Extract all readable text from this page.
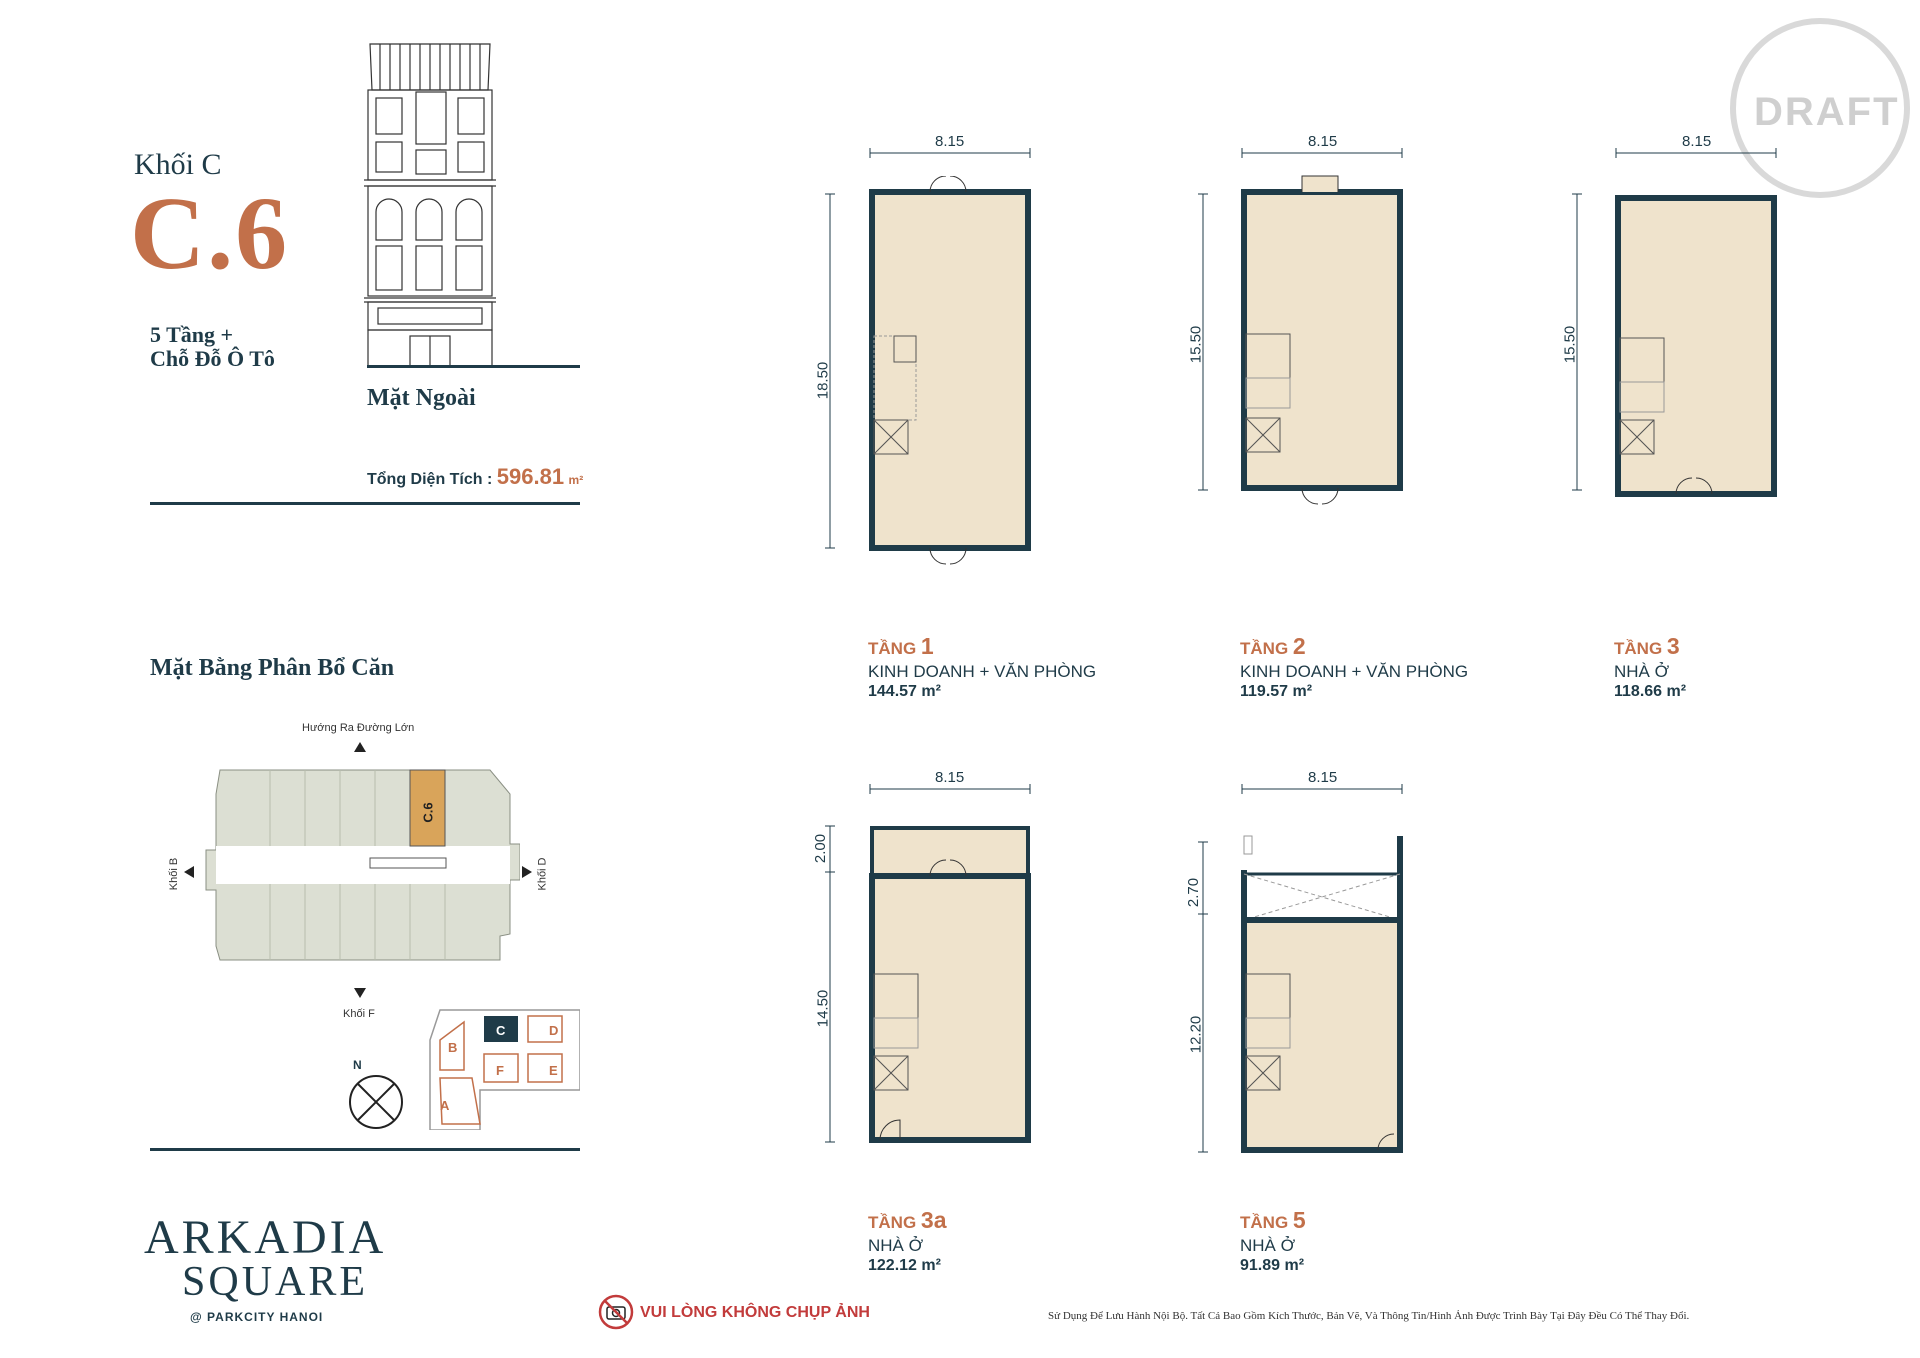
DRAFT
Khối C
C.6
5 Tầng +
Chỗ Đỗ Ô Tô
Mặt Ngoài
Tổng Diện Tích : 596.81 m²
Mặt Bằng Phân Bổ Căn
Hướng Ra Đường Lớn
C.6
Khối B	Khối D
Khối F
N
B
A
C	D
F	E
8.15
18.50
TẦNG 1
KINH DOANH + VĂN PHÒNG
144.57 m²
8.15
15.50
TẦNG 2
KINH DOANH + VĂN PHÒNG
119.57 m²
8.15
15.50
TẦNG 3
NHÀ Ở
118.66 m²
8.15
2.00
14.50
TẦNG 3a
NHÀ Ở
122.12 m²
8.15
2.70
12.20
TẦNG 5
NHÀ Ở
91.89 m²
ARKADIA
SQUARE
@ PARKCITY HANOI	VUI LÒNG KHÔNG CHỤP ẢNH	Sử Dụng Để Lưu Hành Nội Bộ. Tất Cả Bao Gồm Kích Thước, Bản Vẽ, Và Thông Tin/Hình Ảnh Được Trình Bày Tại Đây Đều Có Thể Thay Đổi.
